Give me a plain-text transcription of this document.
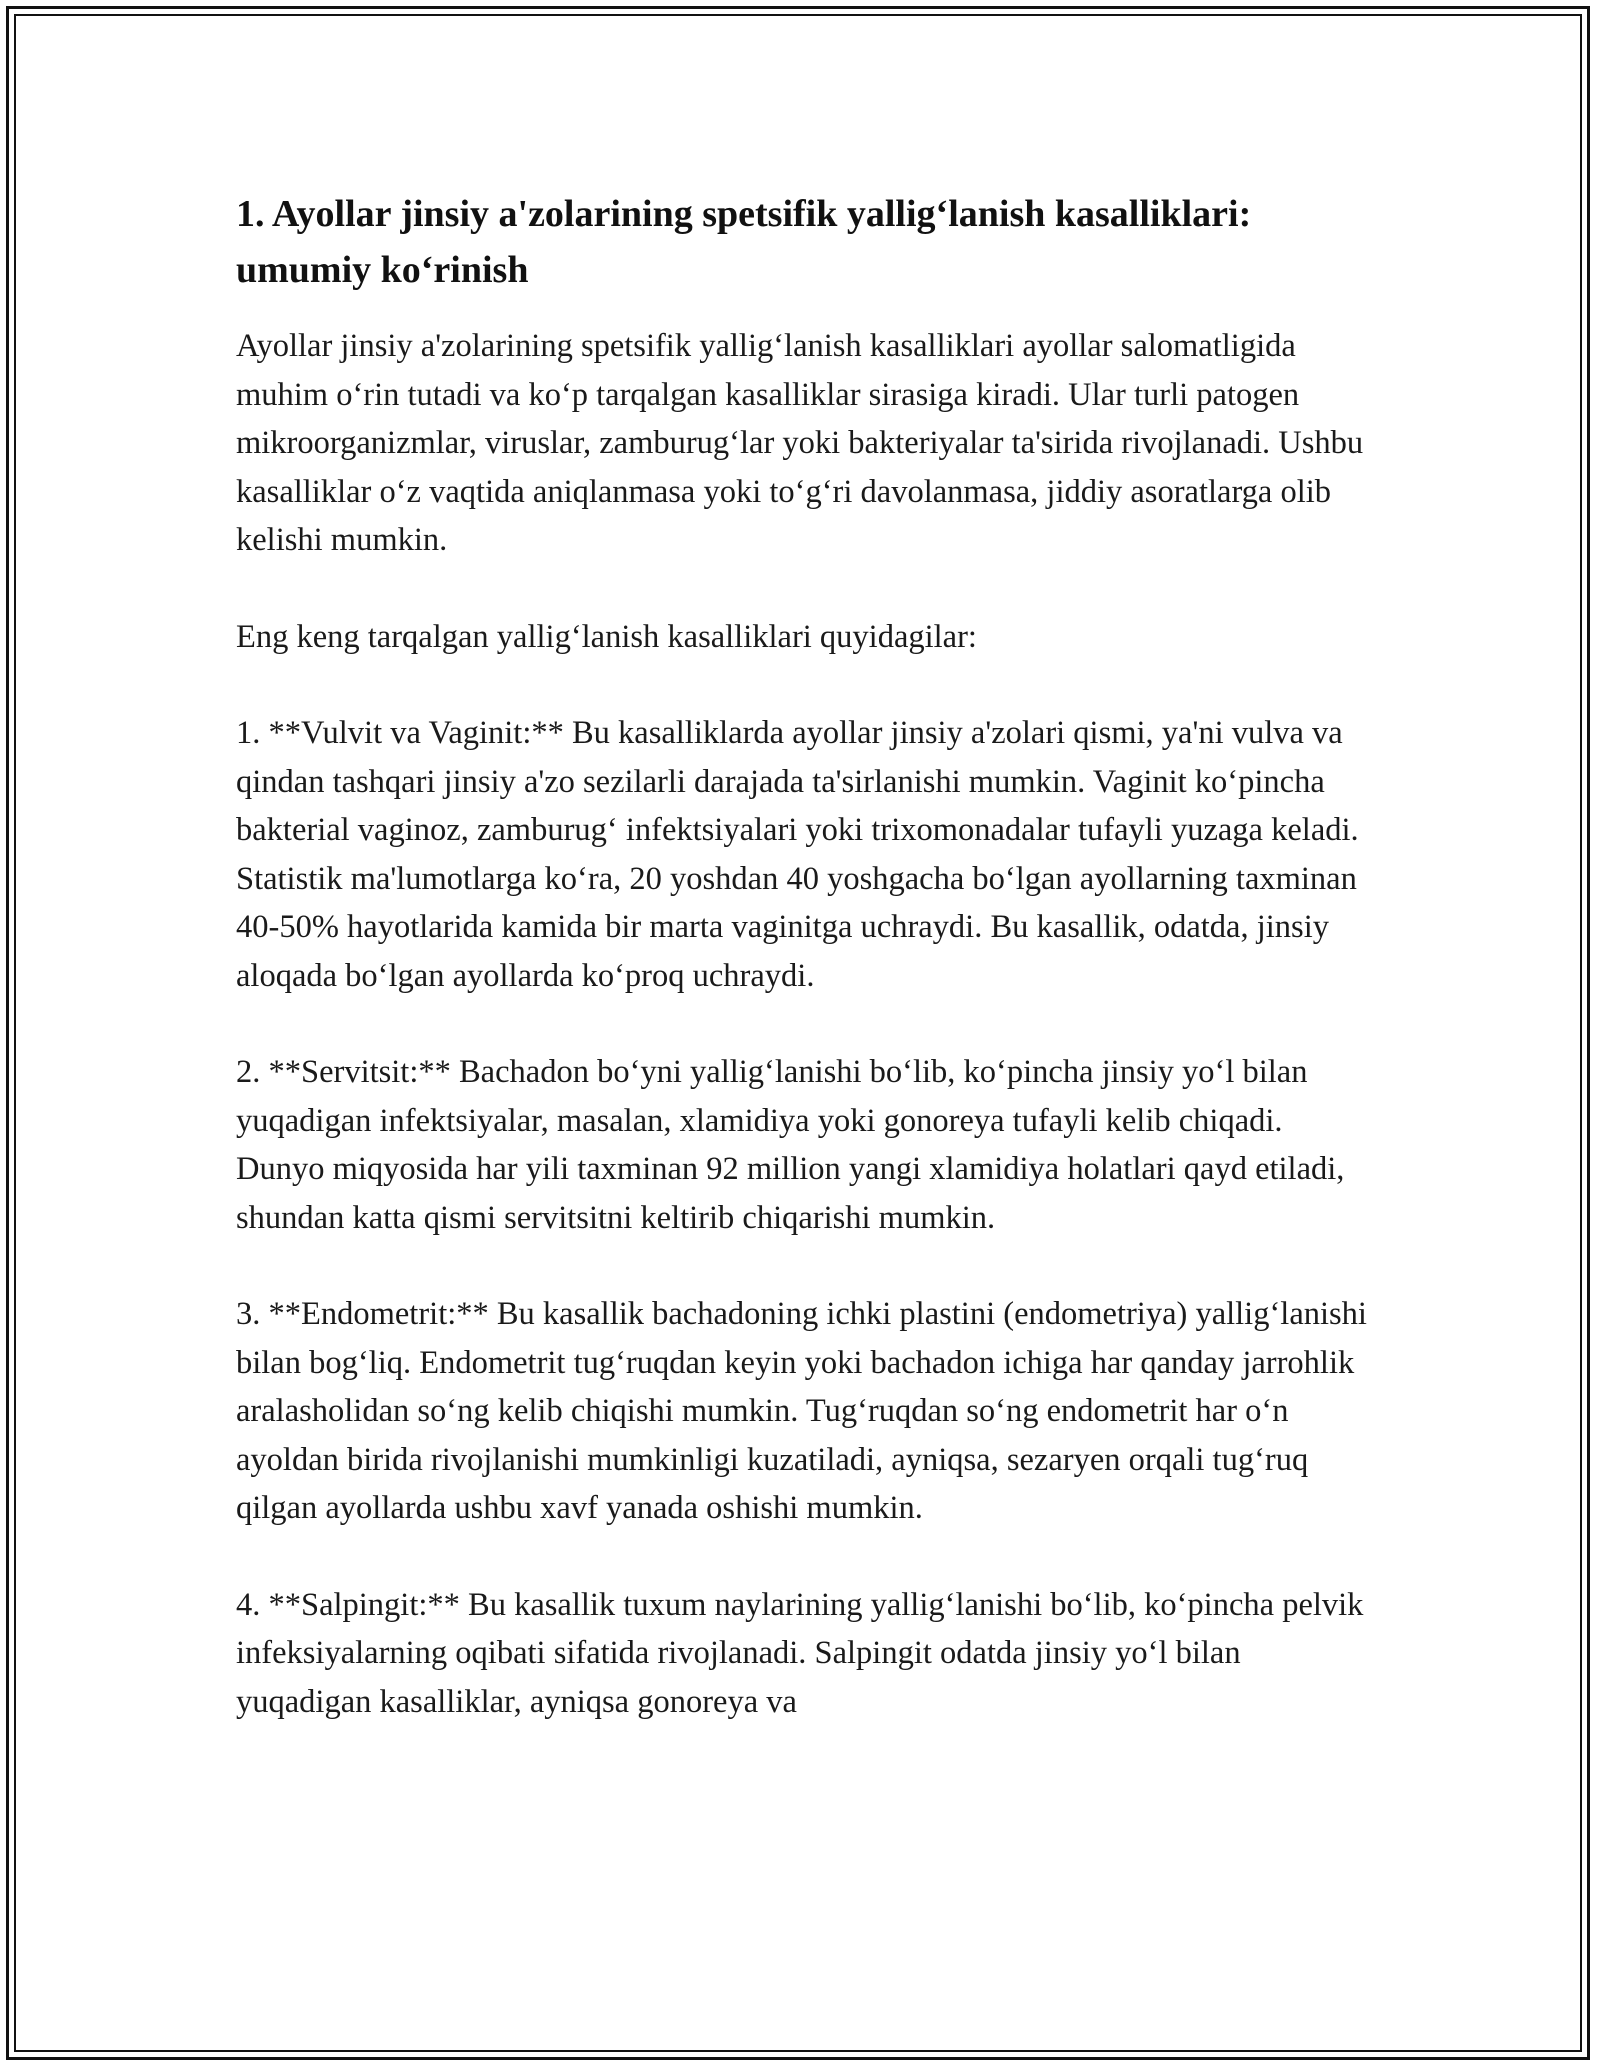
1. Ayollar jinsiy a'zolarining spetsifik yallig‘lanish kasalliklari: umumiy ko‘rinish

Ayollar jinsiy a'zolarining spetsifik yallig‘lanish kasalliklari ayollar salomatligida muhim o‘rin tutadi va ko‘p tarqalgan kasalliklar sirasiga kiradi. Ular turli patogen mikroorganizmlar, viruslar, zamburug‘lar yoki bakteriyalar ta'sirida rivojlanadi. Ushbu kasalliklar o‘z vaqtida aniqlanmasa yoki to‘g‘ri davolanmasa, jiddiy asoratlarga olib kelishi mumkin.

Eng keng tarqalgan yallig‘lanish kasalliklari quyidagilar:

1. **Vulvit va Vaginit:** Bu kasalliklarda ayollar jinsiy a'zolari qismi, ya'ni vulva va qindan tashqari jinsiy a'zo sezilarli darajada ta'sirlanishi mumkin. Vaginit ko‘pincha bakterial vaginoz, zamburug‘ infektsiyalari yoki trixomonadalar tufayli yuzaga keladi. Statistik ma'lumotlarga ko‘ra, 20 yoshdan 40 yoshgacha bo‘lgan ayollarning taxminan 40-50% hayotlarida kamida bir marta vaginitga uchraydi. Bu kasallik, odatda, jinsiy aloqada bo‘lgan ayollarda ko‘proq uchraydi.

2. **Servitsit:** Bachadon bo‘yni yallig‘lanishi bo‘lib, ko‘pincha jinsiy yo‘l bilan yuqadigan infektsiyalar, masalan, xlamidiya yoki gonoreya tufayli kelib chiqadi. Dunyo miqyosida har yili taxminan 92 million yangi xlamidiya holatlari qayd etiladi, shundan katta qismi servitsitni keltirib chiqarishi mumkin.

3. **Endometrit:** Bu kasallik bachadoning ichki plastini (endometriya) yallig‘lanishi bilan bog‘liq. Endometrit tug‘ruqdan keyin yoki bachadon ichiga har qanday jarrohlik aralasholidan so‘ng kelib chiqishi mumkin. Tug‘ruqdan so‘ng endometrit har o‘n ayoldan birida rivojlanishi mumkinligi kuzatiladi, ayniqsa, sezaryen orqali tug‘ruq qilgan ayollarda ushbu xavf yanada oshishi mumkin.

4. **Salpingit:** Bu kasallik tuxum naylarining yallig‘lanishi bo‘lib, ko‘pincha pelvik infeksiyalarning oqibati sifatida rivojlanadi. Salpingit odatda jinsiy yo‘l bilan yuqadigan kasalliklar, ayniqsa gonoreya va
